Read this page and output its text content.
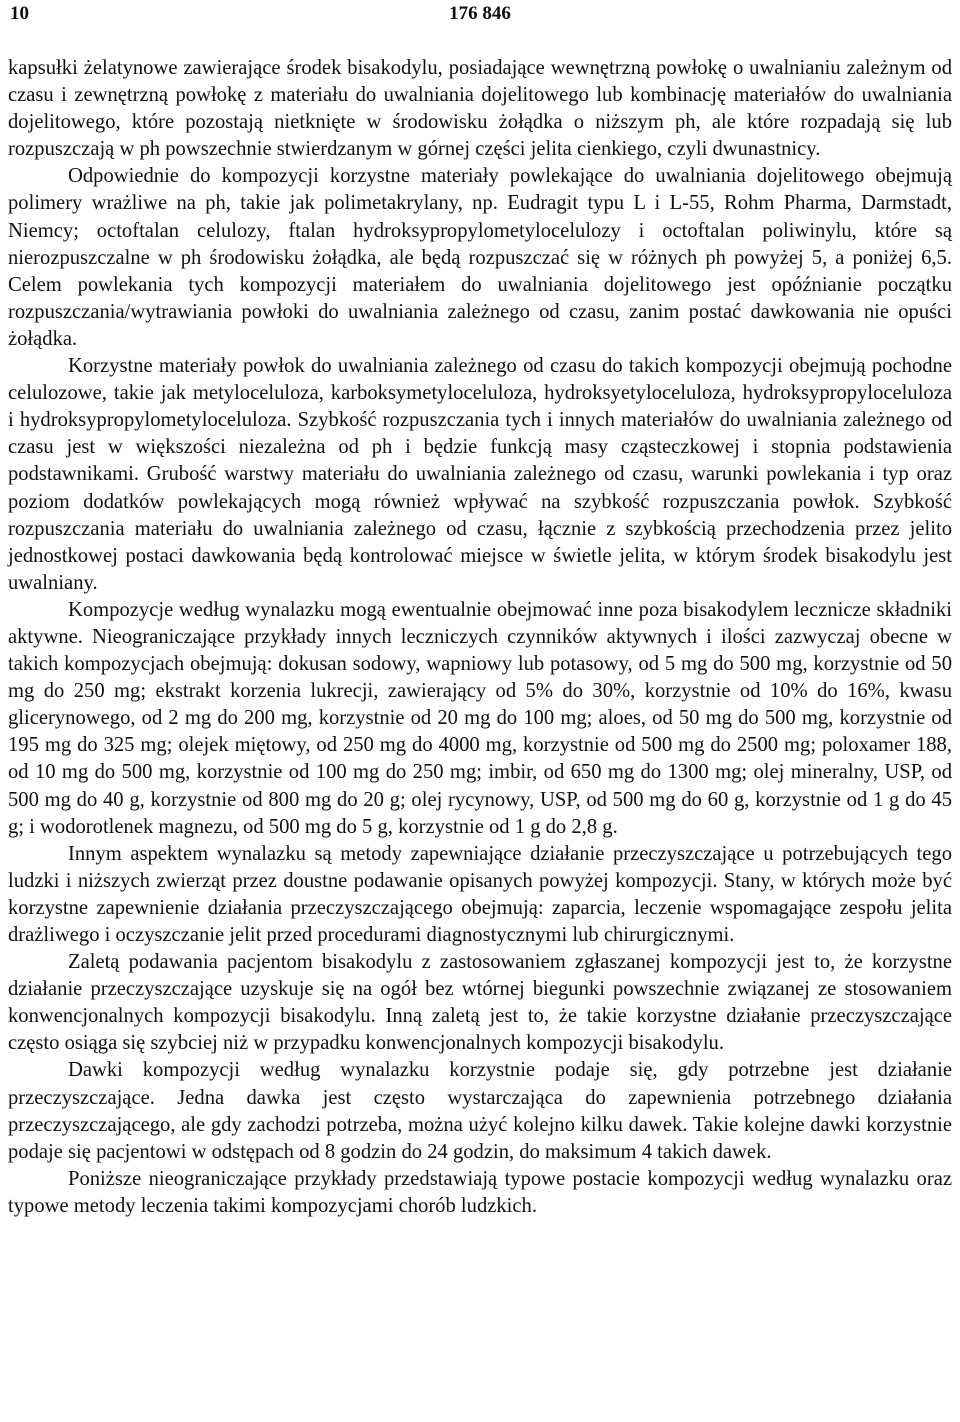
10	176 846

kapsułki żelatynowe zawierające środek bisakodylu, posiadające wewnętrzną powłokę o uwalnianiu zależnym od czasu i zewnętrzną powłokę z materiału do uwalniania dojelitowego lub kombinację materiałów do uwalniania dojelitowego, które pozostają nietknięte w środowisku żołądka o niższym ph, ale które rozpadają się lub rozpuszczają w ph powszechnie stwierdzanym w górnej części jelita cienkiego, czyli dwunastnicy.

Odpowiednie do kompozycji korzystne materiały powlekające do uwalniania dojelitowego obejmują polimery wrażliwe na ph, takie jak polimetakrylany, np. Eudragit typu L i L-55, Rohm Pharma, Darmstadt, Niemcy; octoftalan celulozy, ftalan hydroksypropylometylocelulozy i octoftalan poliwinylu, które są nierozpuszczalne w ph środowisku żołądka, ale będą rozpuszczać się w różnych ph powyżej 5, a poniżej 6,5. Celem powlekania tych kompozycji materiałem do uwalniania dojelitowego jest opóźnianie początku rozpuszczania/wytrawiania powłoki do uwalniania zależnego od czasu, zanim postać dawkowania nie opuści żołądka.

Korzystne materiały powłok do uwalniania zależnego od czasu do takich kompozycji obejmują pochodne celulozowe, takie jak metyloceluloza, karboksymetyloceluloza, hydroksyetyloceluloza, hydroksypropyloceluloza i hydroksypropylometyloceluloza. Szybkość rozpuszczania tych i innych materiałów do uwalniania zależnego od czasu jest w większości niezależna od ph i będzie funkcją masy cząsteczkowej i stopnia podstawienia podstawnikami. Grubość warstwy materiału do uwalniania zależnego od czasu, warunki powlekania i typ oraz poziom dodatków powlekających mogą również wpływać na szybkość rozpuszczania powłok. Szybkość rozpuszczania materiału do uwalniania zależnego od czasu, łącznie z szybkością przechodzenia przez jelito jednostkowej postaci dawkowania będą kontrolować miejsce w świetle jelita, w którym środek bisakodylu jest uwalniany.

Kompozycje według wynalazku mogą ewentualnie obejmować inne poza bisakodylem lecznicze składniki aktywne. Nieograniczające przykłady innych leczniczych czynników aktywnych i ilości zazwyczaj obecne w takich kompozycjach obejmują: dokusan sodowy, wapniowy lub potasowy, od 5 mg do 500 mg, korzystnie od 50 mg do 250 mg; ekstrakt korzenia lukrecji, zawierający od 5% do 30%, korzystnie od 10% do 16%, kwasu glicerynowego, od 2 mg do 200 mg, korzystnie od 20 mg do 100 mg; aloes, od 50 mg do 500 mg, korzystnie od 195 mg do 325 mg; olejek miętowy, od 250 mg do 4000 mg, korzystnie od 500 mg do 2500 mg; poloxamer 188, od 10 mg do 500 mg, korzystnie od 100 mg do 250 mg; imbir, od 650 mg do 1300 mg; olej mineralny, USP, od 500 mg do 40 g, korzystnie od 800 mg do 20 g; olej rycynowy, USP, od 500 mg do 60 g, korzystnie od 1 g do 45 g; i wodorotlenek magnezu, od 500 mg do 5 g, korzystnie od 1 g do 2,8 g.

Innym aspektem wynalazku są metody zapewniające działanie przeczyszczające u potrzebujących tego ludzki i niższych zwierząt przez doustne podawanie opisanych powyżej kompozycji. Stany, w których może być korzystne zapewnienie działania przeczyszczającego obejmują: zaparcia, leczenie wspomagające zespołu jelita drażliwego i oczyszczanie jelit przed procedurami diagnostycznymi lub chirurgicznymi.

Zaletą podawania pacjentom bisakodylu z zastosowaniem zgłaszanej kompozycji jest to, że korzystne działanie przeczyszczające uzyskuje się na ogół bez wtórnej biegunki powszechnie związanej ze stosowaniem konwencjonalnych kompozycji bisakodylu. Inną zaletą jest to, że takie korzystne działanie przeczyszczające często osiąga się szybciej niż w przypadku konwencjonalnych kompozycji bisakodylu.

Dawki kompozycji według wynalazku korzystnie podaje się, gdy potrzebne jest działanie przeczyszczające. Jedna dawka jest często wystarczająca do zapewnienia potrzebnego działania przeczyszczającego, ale gdy zachodzi potrzeba, można użyć kolejno kilku dawek. Takie kolejne dawki korzystnie podaje się pacjentowi w odstępach od 8 godzin do 24 godzin, do maksimum 4 takich dawek.

Poniższe nieograniczające przykłady przedstawiają typowe postacie kompozycji według wynalazku oraz typowe metody leczenia takimi kompozycjami chorób ludzkich.
